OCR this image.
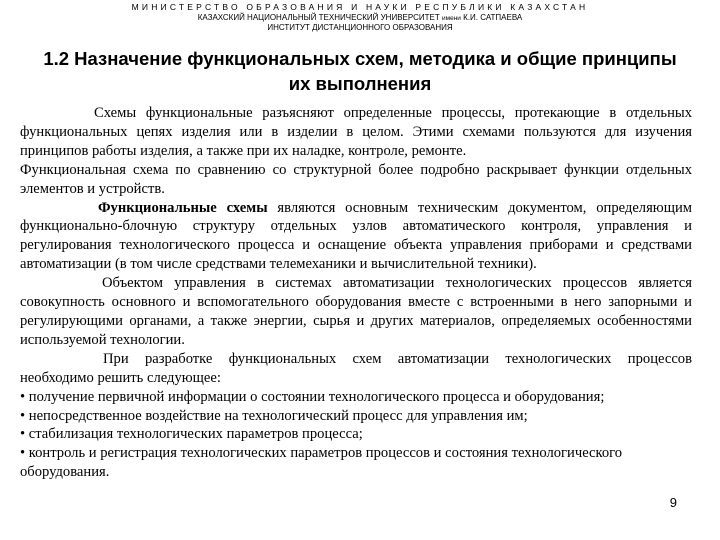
МИНИСТЕРСТВО ОБРАЗОВАНИЯ И НАУКИ РЕСПУБЛИКИ КАЗАХСТАН
КАЗАХСКИЙ НАЦИОНАЛЬНЫЙ ТЕХНИЧЕСКИЙ УНИВЕРСИТЕТ имени К.И. САТПАЕВА
ИНСТИТУТ ДИСТАНЦИОННОГО ОБРАЗОВАНИЯ
1.2 Назначение функциональных схем, методика и общие принципы их выполнения

Схемы функциональные разъясняют определенные процессы, протекающие в отдельных функциональных цепях изделия или в изделии в целом. Этими схемами пользуются для изучения принципов работы изделия, а также при их наладке, контроле, ремонте.

Функциональная схема по сравнению со структурной более подробно раскрывает функции отдельных элементов и устройств.

Функциональные схемы являются основным техническим документом, определяющим функционально-блочную структуру отдельных узлов автоматического контроля, управления и регулирования технологического процесса и оснащение объекта управления приборами и средствами автоматизации (в том числе средствами телемеханики и вычислительной техники).

Объектом управления в системах автоматизации технологических процессов является совокупность основного и вспомогательного оборудования вместе с встроенными в него запорными и регулирующими органами, а также энергии, сырья и других материалов, определяемых особенностями используемой технологии.

При разработке функциональных схем автоматизации технологических процессов необходимо решить следующее:

• получение первичной информации о состоянии технологического процесса и оборудования;

• непосредственное воздействие на технологический процесс для управления им;

• стабилизация технологических параметров процесса;

• контроль и регистрация технологических параметров процессов и состояния технологического оборудования.

9
